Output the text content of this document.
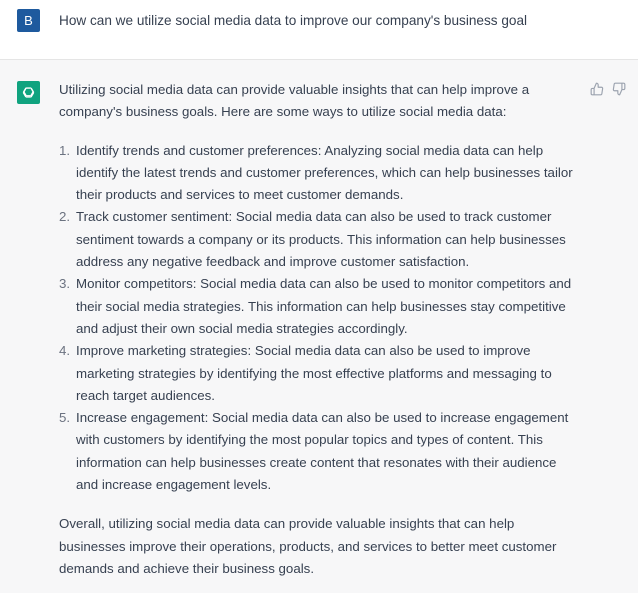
B	How can we utilize social media data to improve our company's business goal

Utilizing social media data can provide valuable insights that can help improve a company's business goals. Here are some ways to utilize social media data:

1. Identify trends and customer preferences: Analyzing social media data can help identify the latest trends and customer preferences, which can help businesses tailor their products and services to meet customer demands.
2. Track customer sentiment: Social media data can also be used to track customer sentiment towards a company or its products. This information can help businesses address any negative feedback and improve customer satisfaction.
3. Monitor competitors: Social media data can also be used to monitor competitors and their social media strategies. This information can help businesses stay competitive and adjust their own social media strategies accordingly.
4. Improve marketing strategies: Social media data can also be used to improve marketing strategies by identifying the most effective platforms and messaging to reach target audiences.
5. Increase engagement: Social media data can also be used to increase engagement with customers by identifying the most popular topics and types of content. This information can help businesses create content that resonates with their audience and increase engagement levels.

Overall, utilizing social media data can provide valuable insights that can help businesses improve their operations, products, and services to better meet customer demands and achieve their business goals.
